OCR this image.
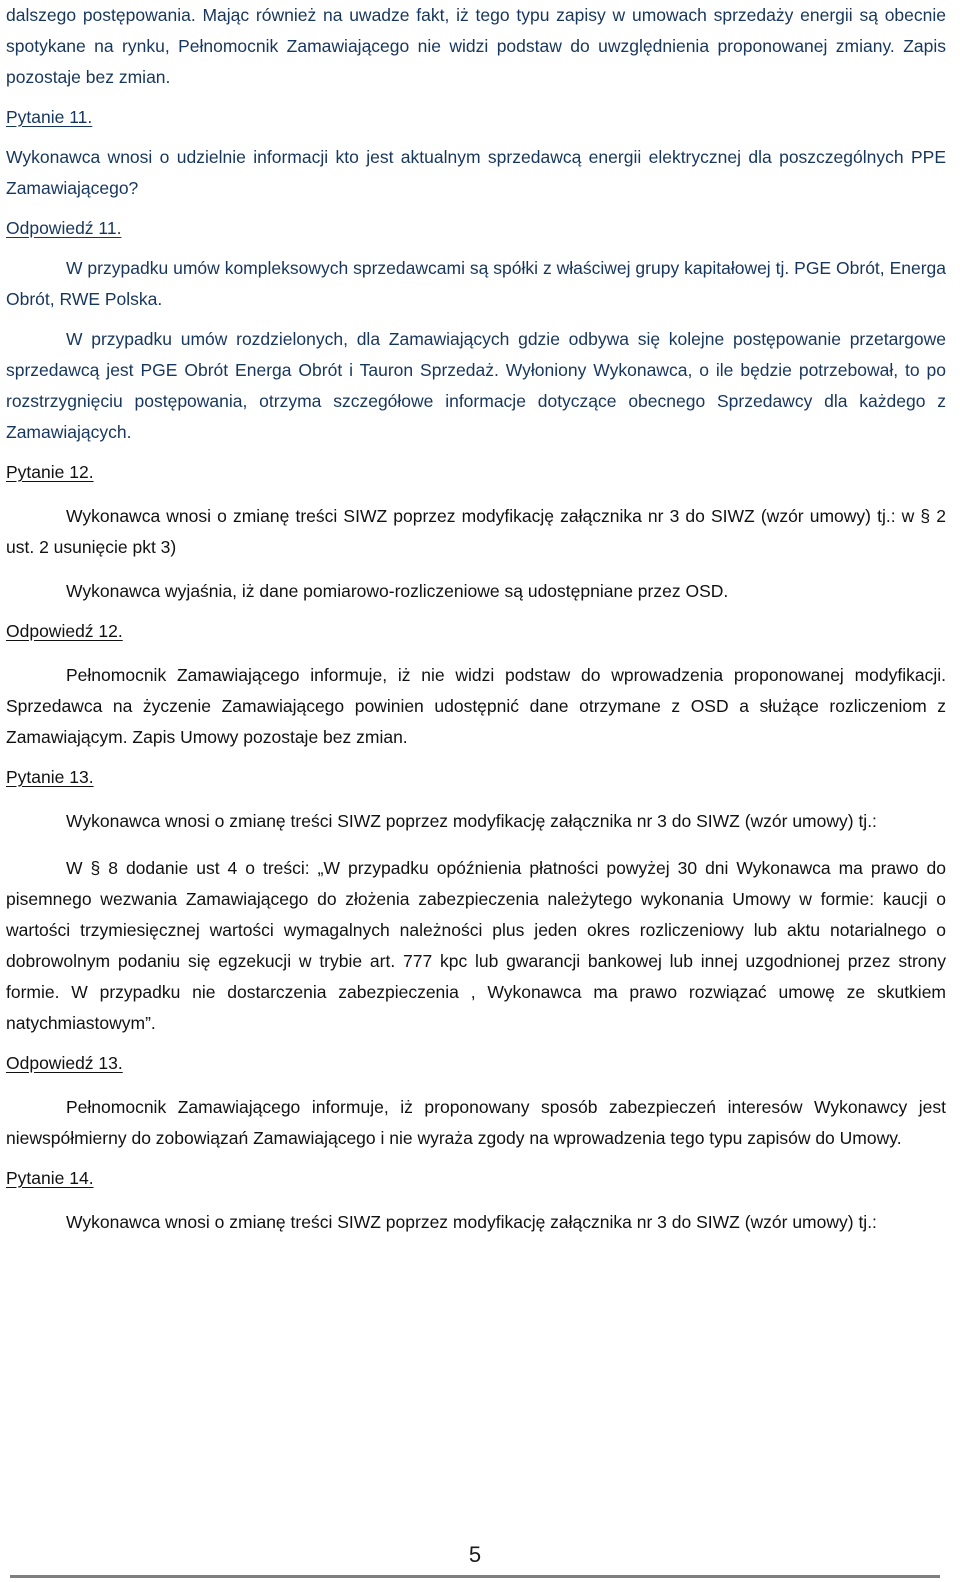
dalszego postępowania. Mając również na uwadze fakt, iż tego typu zapisy w umowach sprzedaży energii są obecnie spotykane na rynku, Pełnomocnik Zamawiającego nie widzi podstaw do uwzględnienia proponowanej zmiany. Zapis pozostaje bez zmian.

Pytanie 11.

Wykonawca wnosi o udzielnie informacji kto jest aktualnym sprzedawcą energii elektrycznej dla poszczególnych PPE Zamawiającego?

Odpowiedź 11.

W przypadku umów kompleksowych sprzedawcami są spółki z właściwej grupy kapitałowej tj. PGE Obrót, Energa Obrót, RWE Polska.

W przypadku umów rozdzielonych, dla Zamawiających gdzie odbywa się kolejne postępowanie przetargowe sprzedawcą jest PGE Obrót Energa Obrót i Tauron Sprzedaż. Wyłoniony Wykonawca, o ile będzie potrzebował, to po rozstrzygnięciu postępowania, otrzyma szczegółowe informacje dotyczące obecnego Sprzedawcy dla każdego z Zamawiających.

Pytanie 12.

Wykonawca wnosi o zmianę treści SIWZ poprzez modyfikację załącznika nr 3 do SIWZ (wzór umowy) tj.: w § 2 ust. 2 usunięcie pkt 3)

Wykonawca wyjaśnia, iż dane pomiarowo-rozliczeniowe są udostępniane przez OSD.

Odpowiedź 12.

Pełnomocnik Zamawiającego informuje, iż nie widzi podstaw do wprowadzenia proponowanej modyfikacji. Sprzedawca na życzenie Zamawiającego powinien udostępnić dane otrzymane z OSD a służące rozliczeniom z Zamawiającym. Zapis Umowy pozostaje bez zmian.

Pytanie 13.

Wykonawca wnosi o zmianę treści SIWZ poprzez modyfikację załącznika nr 3 do SIWZ (wzór umowy) tj.:

W § 8 dodanie ust 4 o treści: „W przypadku opóźnienia płatności powyżej 30 dni Wykonawca ma prawo do pisemnego wezwania Zamawiającego do złożenia zabezpieczenia należytego wykonania Umowy w formie: kaucji o wartości trzymiesięcznej wartości wymagalnych należności plus jeden okres rozliczeniowy lub aktu notarialnego o dobrowolnym podaniu się egzekucji w trybie art. 777 kpc lub gwarancji bankowej lub innej uzgodnionej przez strony formie. W przypadku nie dostarczenia zabezpieczenia , Wykonawca ma prawo rozwiązać umowę ze skutkiem natychmiastowym”.

Odpowiedź 13.

Pełnomocnik Zamawiającego informuje, iż proponowany sposób zabezpieczeń interesów Wykonawcy jest niewspółmierny do zobowiązań Zamawiającego i nie wyraża zgody na wprowadzenia tego typu zapisów do Umowy.

Pytanie 14.

Wykonawca wnosi o zmianę treści SIWZ poprzez modyfikację załącznika nr 3 do SIWZ (wzór umowy) tj.:

5
